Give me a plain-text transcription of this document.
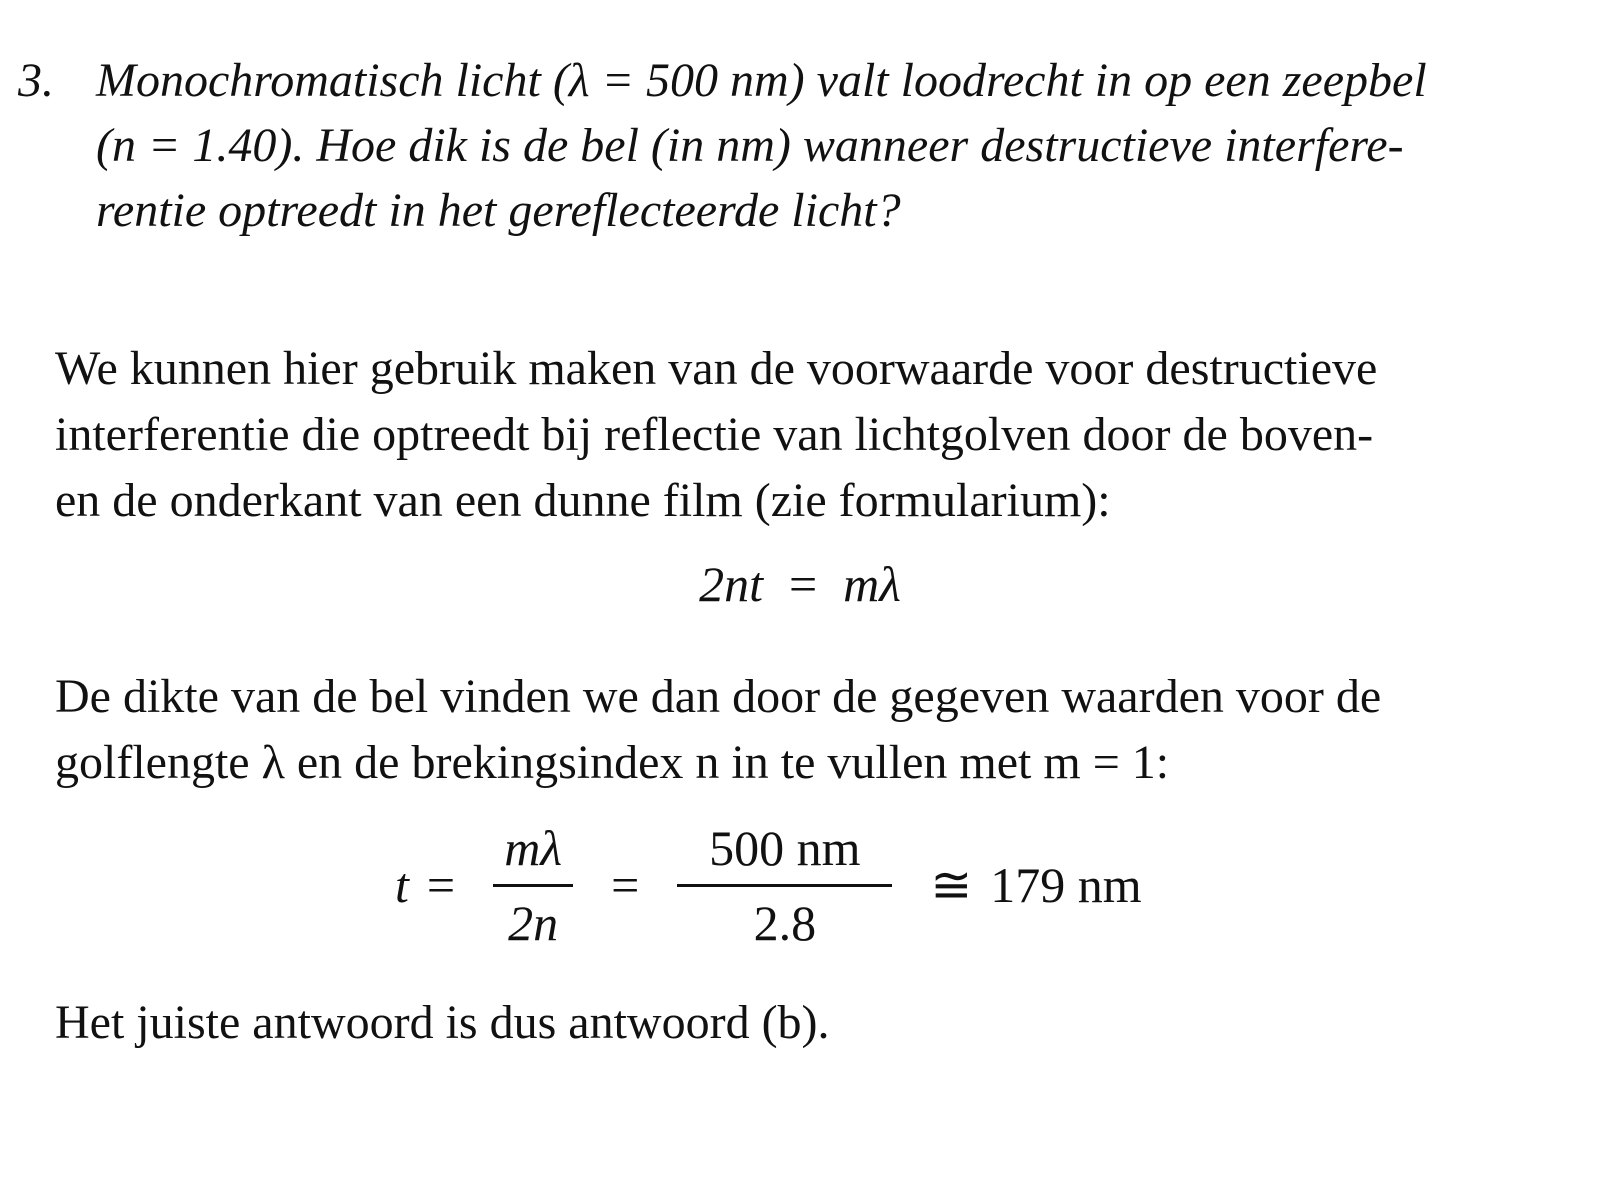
3. Monochromatisch licht (λ = 500 nm) valt loodrecht in op een zeepbel
(n = 1.40). Hoe dik is de bel (in nm) wanneer destructieve interfere-
rentie optreedt in het gereflecteerde licht?
We kunnen hier gebruik maken van de voorwaarde voor destructieve
interferentie die optreedt bij reflectie van lichtgolven door de boven-
en de onderkant van een dunne film (zie formularium):
2nt = mλ
De dikte van de bel vinden we dan door de gegeven waarden voor de
golflengte λ en de brekingsindex n in te vullen met m = 1:
$t = \frac{m\lambda}{2n} = \frac{500 nm}{2.8}$ ≅ 179 nm
Het juiste antwoord is dus antwoord (b).
